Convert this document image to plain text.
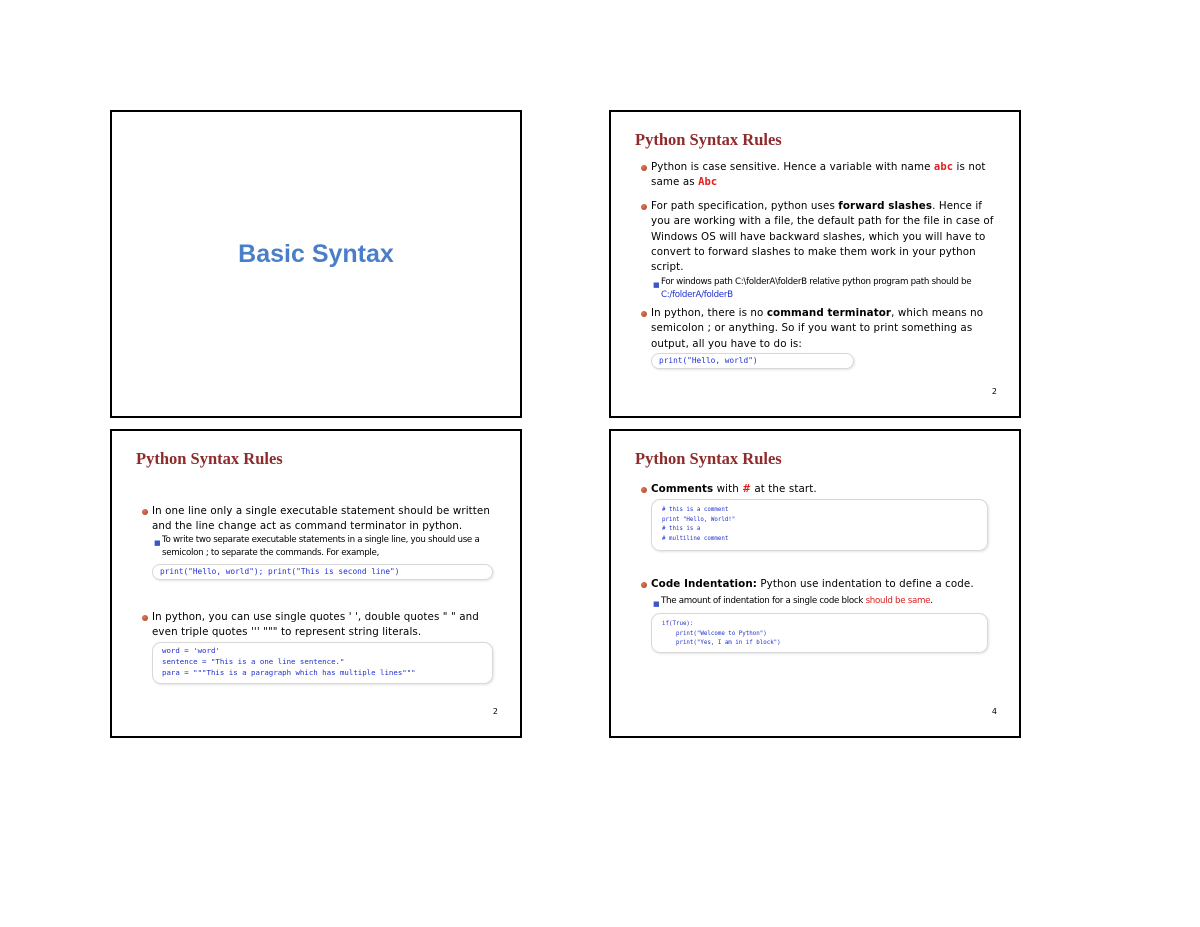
Basic Syntax
Python Syntax Rules
Python is case sensitive. Hence a variable with name abc is not same as Abc
For path specification, python uses forward slashes. Hence if you are working with a file, the default path for the file in case of Windows OS will have backward slashes, which you will have to convert to forward slashes to make them work in your python script.
■ For windows path C:\folderA\folderB relative python program path should be C:/folderA/folderB
In python, there is no command terminator, which means no semicolon ; or anything. So if you want to print something as output, all you have to do is:
print("Hello, world")
2
Python Syntax Rules
In one line only a single executable statement should be written and the line change act as command terminator in python.
■ To write two separate executable statements in a single line, you should use a semicolon ; to separate the commands. For example,
print("Hello, world"); print("This is second line")
In python, you can use single quotes ' ', double quotes " " and even triple quotes ''' """ to represent string literals.
word = 'word'
sentence = "This is a one line sentence."
para = """This is a paragraph which has multiple lines"""
2
Python Syntax Rules
Comments with # at the start.
# this is a comment
print "Hello, World!"
# this is a
# multiline comment
Code Indentation: Python use indentation to define a code.
■ The amount of indentation for a single code block should be same.
if(True):
print("Welcome to Python")
print("Yes, I am in if block")
4
